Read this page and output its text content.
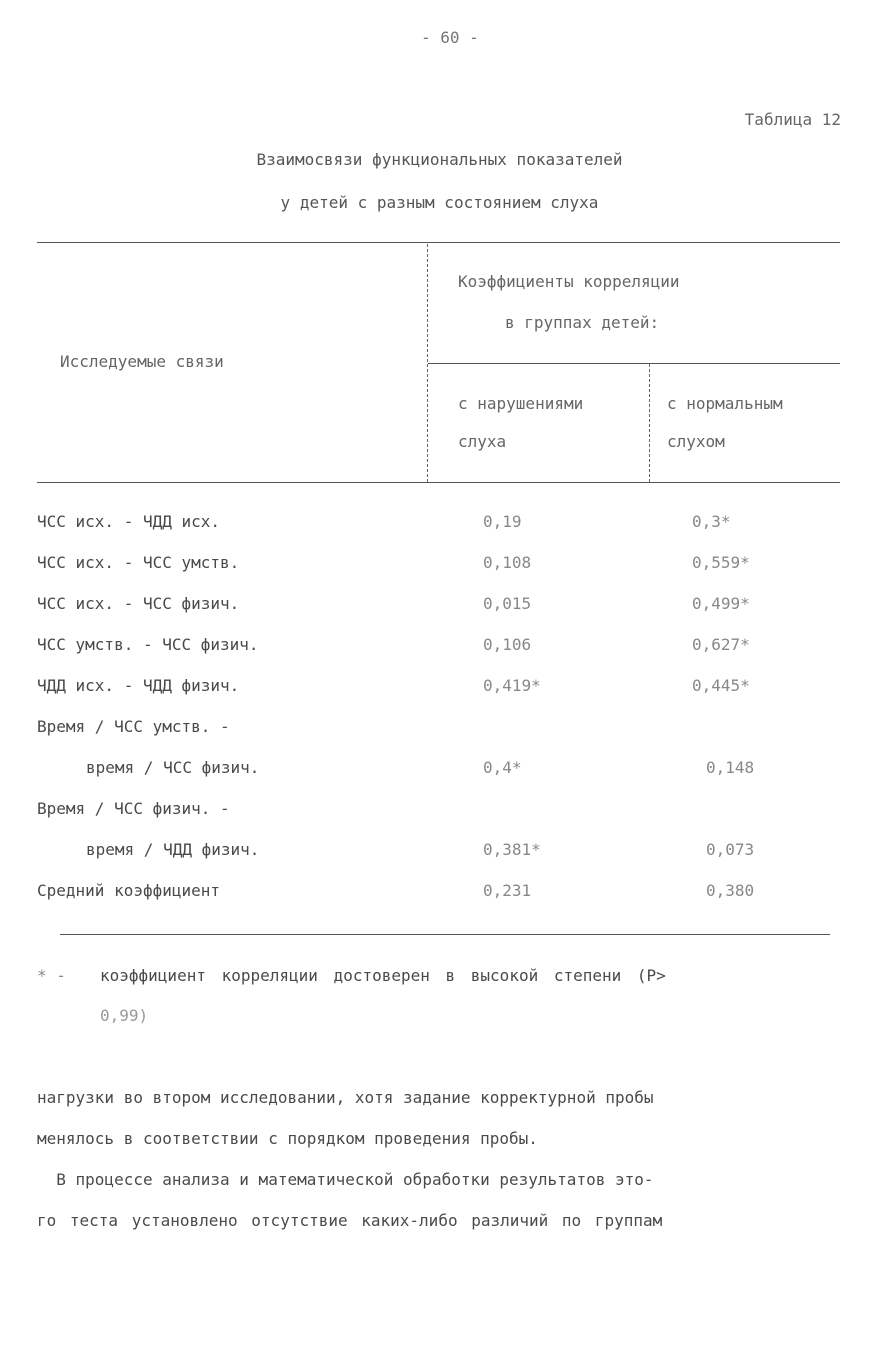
- 60 -
Таблица 12
Взаимосвязи функциональных показателей
у детей с разным состоянием слуха
Исследуемые связи
Коэффициенты корреляции
в группах детей:
с нарушениями
слуха
с нормальным
слухом
ЧСС исх. - ЧДД исх.	0,19	0,3*
ЧСС исх. - ЧСС умств.	0,108	0,559*
ЧСС исх. - ЧСС физич.	0,015	0,499*
ЧСС умств. - ЧСС физич.	0,106	0,627*
ЧДД исх. - ЧДД физич.	0,419*	0,445*
Время / ЧСС умств. -
время / ЧСС физич.	0,4*	0,148
Время / ЧСС физич. -
время / ЧДД физич.	0,381*	0,073
Средний коэффициент	0,231	0,380
* - коэффициент корреляции достоверен в высокой степени (P>
0,99)
нагрузки во втором исследовании, хотя задание корректурной пробы
менялось в соответствии с порядком проведения пробы.
В процессе анализа и математической обработки результатов это-
го теста установлено отсутствие каких-либо различий по группам
